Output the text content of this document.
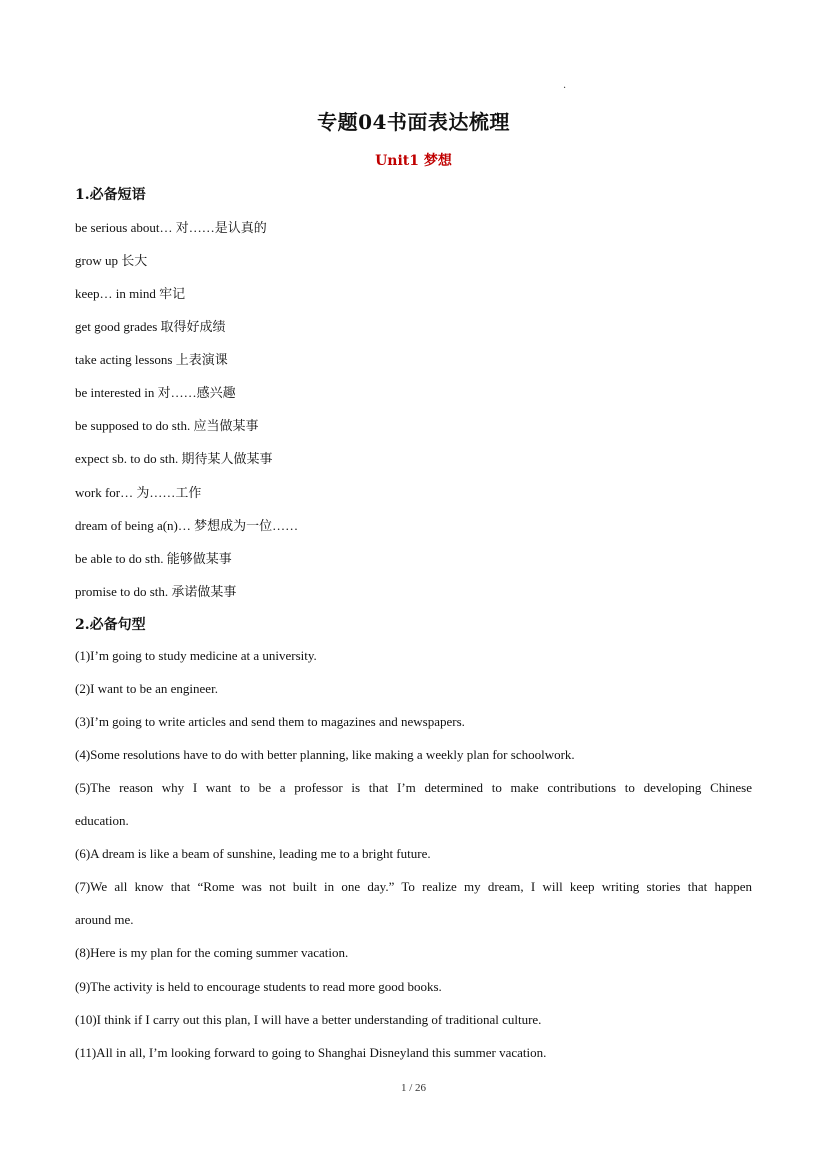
.
专题04书面表达梳理
Unit1 梦想
1.必备短语
be serious about… 对……是认真的
grow up 长大
keep… in mind 牢记
get good grades 取得好成绩
take acting lessons 上表演课
be interested in 对……感兴趣
be supposed to do sth. 应当做某事
expect sb. to do sth. 期待某人做某事
work for… 为……工作
dream of being a(n)… 梦想成为一位……
be able to do sth. 能够做某事
promise to do sth. 承诺做某事
2.必备句型
(1)I’m going to study medicine at a university.
(2)I want to be an engineer.
(3)I’m going to write articles and send them to magazines and newspapers.
(4)Some resolutions have to do with better planning, like making a weekly plan for schoolwork.
(5)The reason why I want to be a professor is that I’m determined to make contributions to developing Chinese
education.
(6)A dream is like a beam of sunshine, leading me to a bright future.
(7)We all know that “Rome was not built in one day.” To realize my dream, I will keep writing stories that happen
around me.
(8)Here is my plan for the coming summer vacation.
(9)The activity is held to encourage students to read more good books.
(10)I think if I carry out this plan, I will have a better understanding of traditional culture.
(11)All in all, I’m looking forward to going to Shanghai Disneyland this summer vacation.
1 / 26
